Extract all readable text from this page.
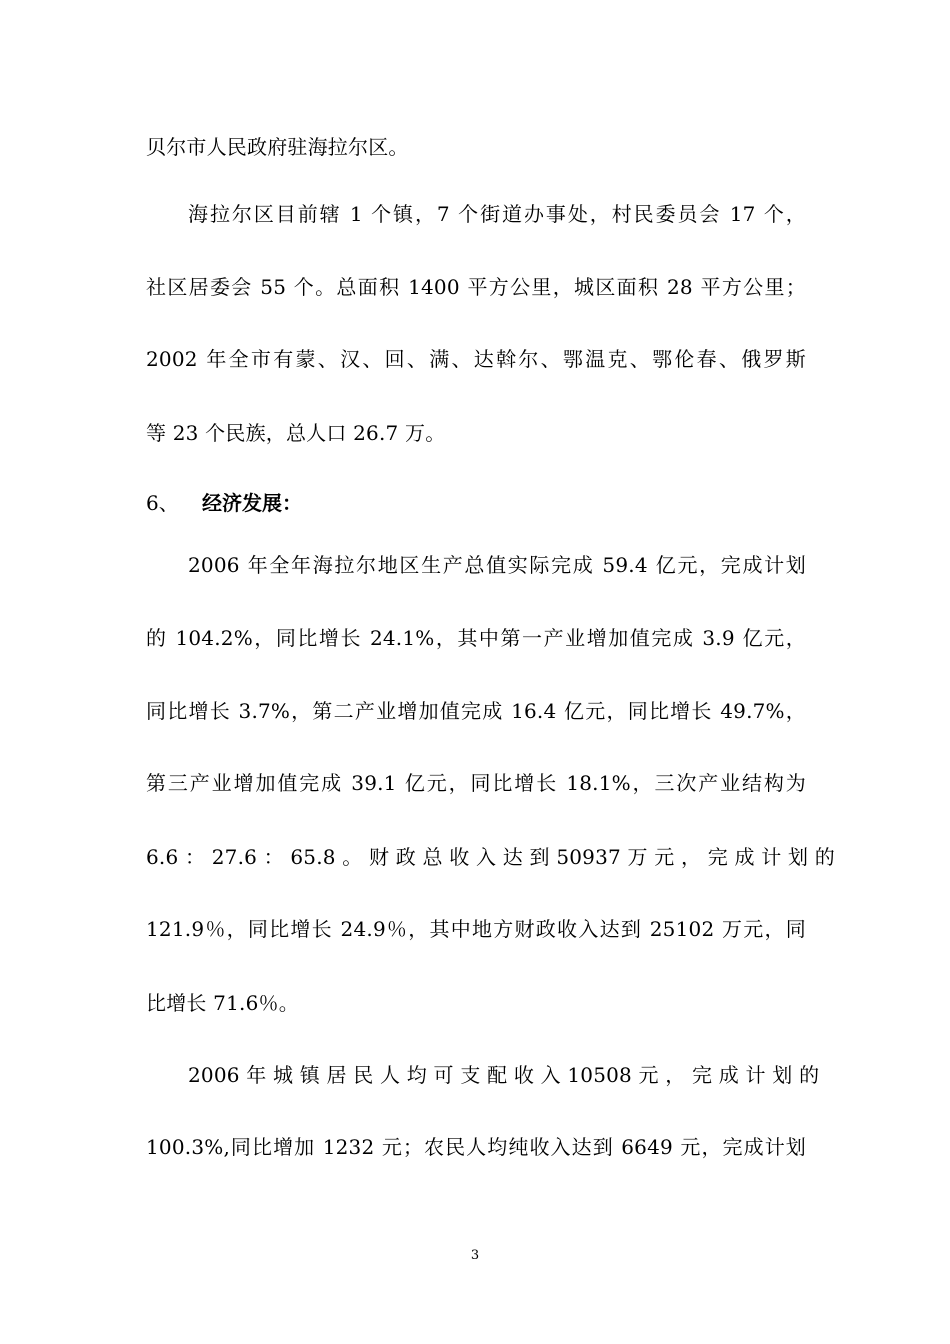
贝尔市人民政府驻海拉尔区。
海拉尔区目前辖 1 个镇，7 个街道办事处，村民委员会 17 个，
社区居委会 55 个。总面积 1400 平方公里，城区面积 28 平方公里；
2002 年全市有蒙、汉、回、满、达斡尔、鄂温克、鄂伦春、俄罗斯
等 23 个民族，总人口 26.7 万。
6、 经济发展：
2006 年全年海拉尔地区生产总值实际完成 59.4 亿元，完成计划
的 104.2%，同比增长 24.1%，其中第一产业增加值完成 3.9 亿元，
同比增长 3.7%，第二产业增加值完成 16.4 亿元，同比增长 49.7%，
第三产业增加值完成 39.1 亿元，同比增长 18.1%，三次产业结构为
6.6 ： 27.6 ： 65.8 。 财 政 总 收 入 达 到 50937 万 元 ， 完 成 计 划 的
121.9％，同比增长 24.9％，其中地方财政收入达到 25102 万元，同
比增长 71.6％。
2006 年 城 镇 居 民 人 均 可 支 配 收 入 10508 元 ， 完 成 计 划 的
100.3%,同比增加 1232 元；农民人均纯收入达到 6649 元，完成计划
3
